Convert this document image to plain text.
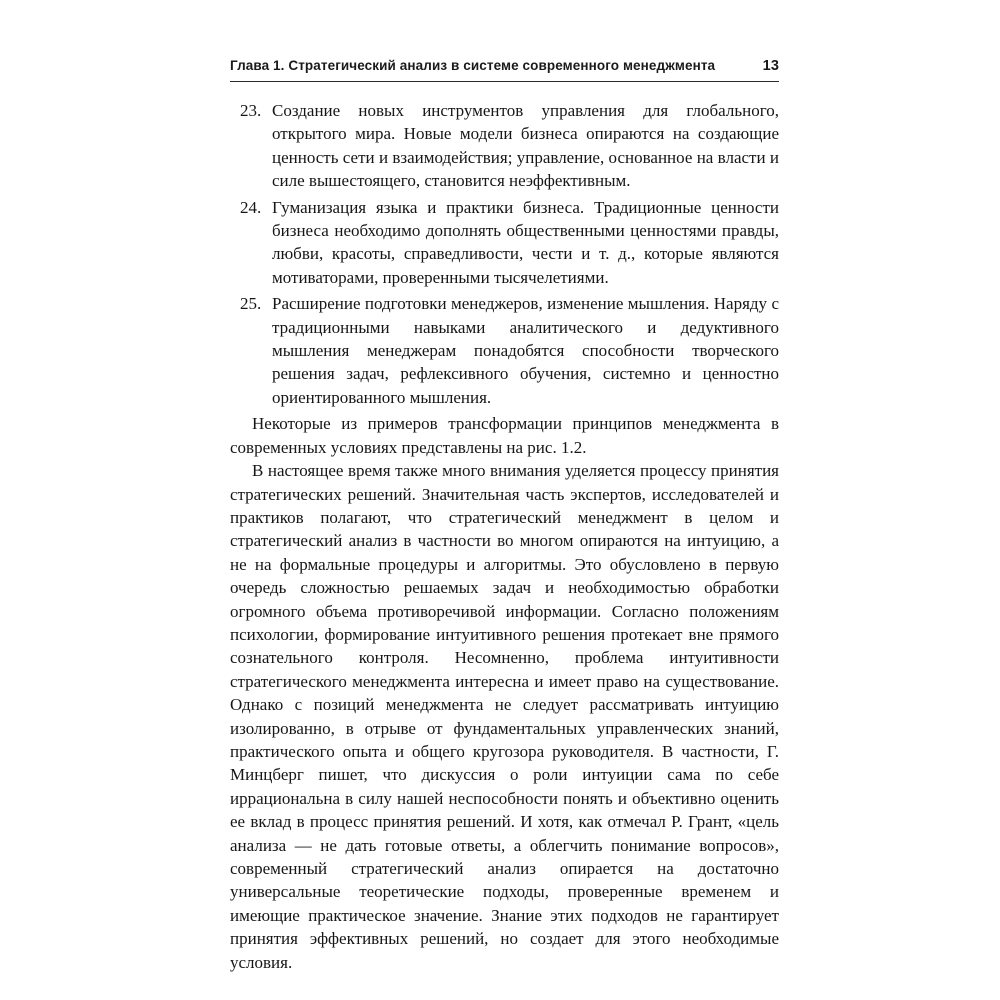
Глава 1. Стратегический анализ в системе современного менеджмента	13
23. Создание новых инструментов управления для глобального, открытого мира. Новые модели бизнеса опираются на создающие ценность сети и взаимодействия; управление, основанное на власти и силе вышестоящего, становится неэффективным.
24. Гуманизация языка и практики бизнеса. Традиционные ценности бизнеса необходимо дополнять общественными ценностями правды, любви, красоты, справедливости, чести и т. д., которые являются мотиваторами, проверенными тысячелетиями.
25. Расширение подготовки менеджеров, изменение мышления. Наряду с традиционными навыками аналитического и дедуктивного мышления менеджерам понадобятся способности творческого решения задач, рефлексивного обучения, системно и ценностно ориентированного мышления.

Некоторые из примеров трансформации принципов менеджмента в современных условиях представлены на рис. 1.2.

В настоящее время также много внимания уделяется процессу принятия стратегических решений. Значительная часть экспертов, исследователей и практиков полагают, что стратегический менеджмент в целом и стратегический анализ в частности во многом опираются на интуицию, а не на формальные процедуры и алгоритмы. Это обусловлено в первую очередь сложностью решаемых задач и необходимостью обработки огромного объема противоречивой информации. Согласно положениям психологии, формирование интуитивного решения протекает вне прямого сознательного контроля. Несомненно, проблема интуитивности стратегического менеджмента интересна и имеет право на существование. Однако с позиций менеджмента не следует рассматривать интуицию изолированно, в отрыве от фундаментальных управленческих знаний, практического опыта и общего кругозора руководителя. В частности, Г. Минцберг пишет, что дискуссия о роли интуиции сама по себе иррациональна в силу нашей неспособности понять и объективно оценить ее вклад в процесс принятия решений. И хотя, как отмечал Р. Грант, «цель анализа — не дать готовые ответы, а облегчить понимание вопросов», современный стратегический анализ опирается на достаточно универсальные теоретические подходы, проверенные временем и имеющие практическое значение. Знание этих подходов не гарантирует принятия эффективных решений, но создает для этого необходимые условия.
